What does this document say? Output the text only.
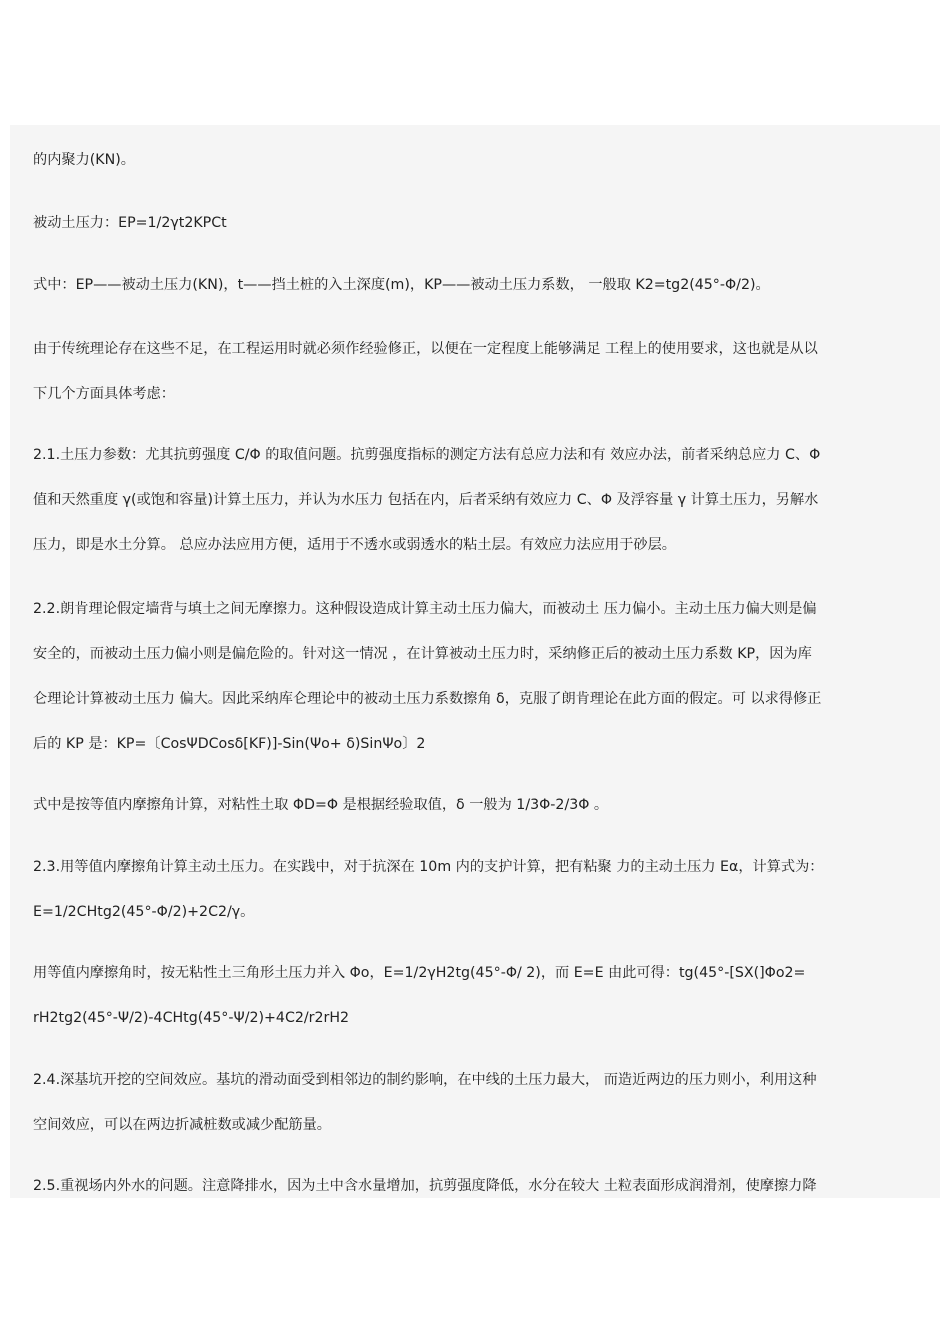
的内聚力(KN)。
被动土压力：EP=1/2γt2KPCt
式中：EP——被动土压力(KN)，t——挡土桩的入土深度(m)，KP——被动土压力系数， 一般取 K2=tg2(45°-Φ/2)。
由于传统理论存在这些不足，在工程运用时就必须作经验修正，以便在一定程度上能够满足 工程上的使用要求，这也就是从以
下几个方面具体考虑：
2.1.土压力参数：尤其抗剪强度 C/Φ 的取值问题。抗剪强度指标的测定方法有总应力法和有 效应办法，前者采纳总应力 C、Φ
值和天然重度 γ(或饱和容量)计算土压力，并认为水压力 包括在内，后者采纳有效应力 C、Φ 及浮容量 γ 计算土压力，另解水
压力，即是水土分算。 总应办法应用方便，适用于不透水或弱透水的粘土层。有效应力法应用于砂层。
2.2.朗肯理论假定墙背与填土之间无摩擦力。这种假设造成计算主动土压力偏大，而被动土 压力偏小。主动土压力偏大则是偏
安全的，而被动土压力偏小则是偏危险的。针对这一情况 ，在计算被动土压力时，采纳修正后的被动土压力系数 KP，因为库
仑理论计算被动土压力 偏大。因此采纳库仑理论中的被动土压力系数擦角 δ，克服了朗肯理论在此方面的假定。可 以求得修正
后的 KP 是：KP=〔CosΨDCosδ[KF)]-Sin(Ψo+ δ)SinΨo〕2
式中是按等值内摩擦角计算，对粘性土取 ΦD=Φ 是根据经验取值，δ 一般为 1/3Φ-2/3Φ 。
2.3.用等值内摩擦角计算主动土压力。在实践中，对于抗深在 10m 内的支护计算，把有粘聚 力的主动土压力 Eα，计算式为：
E=1/2CHtg2(45°-Φ/2)+2C2/γ。
用等值内摩擦角时，按无粘性土三角形土压力并入 Φo，E=1/2γH2tg(45°-Φ/ 2)，而 E=E 由此可得：tg(45°-[SX(]Φo2=
rH2tg2(45°-Ψ/2)-4CHtg(45°-Ψ/2)+4C2/r2rH2
2.4.深基坑开挖的空间效应。基坑的滑动面受到相邻边的制约影响，在中线的土压力最大， 而造近两边的压力则小，利用这种
空间效应，可以在两边折减桩数或减少配筋量。
2.5.重视场内外水的问题。注意降排水，因为土中含水量增加，抗剪强度降低，水分在较大 土粒表面形成润滑剂，使摩擦力降
